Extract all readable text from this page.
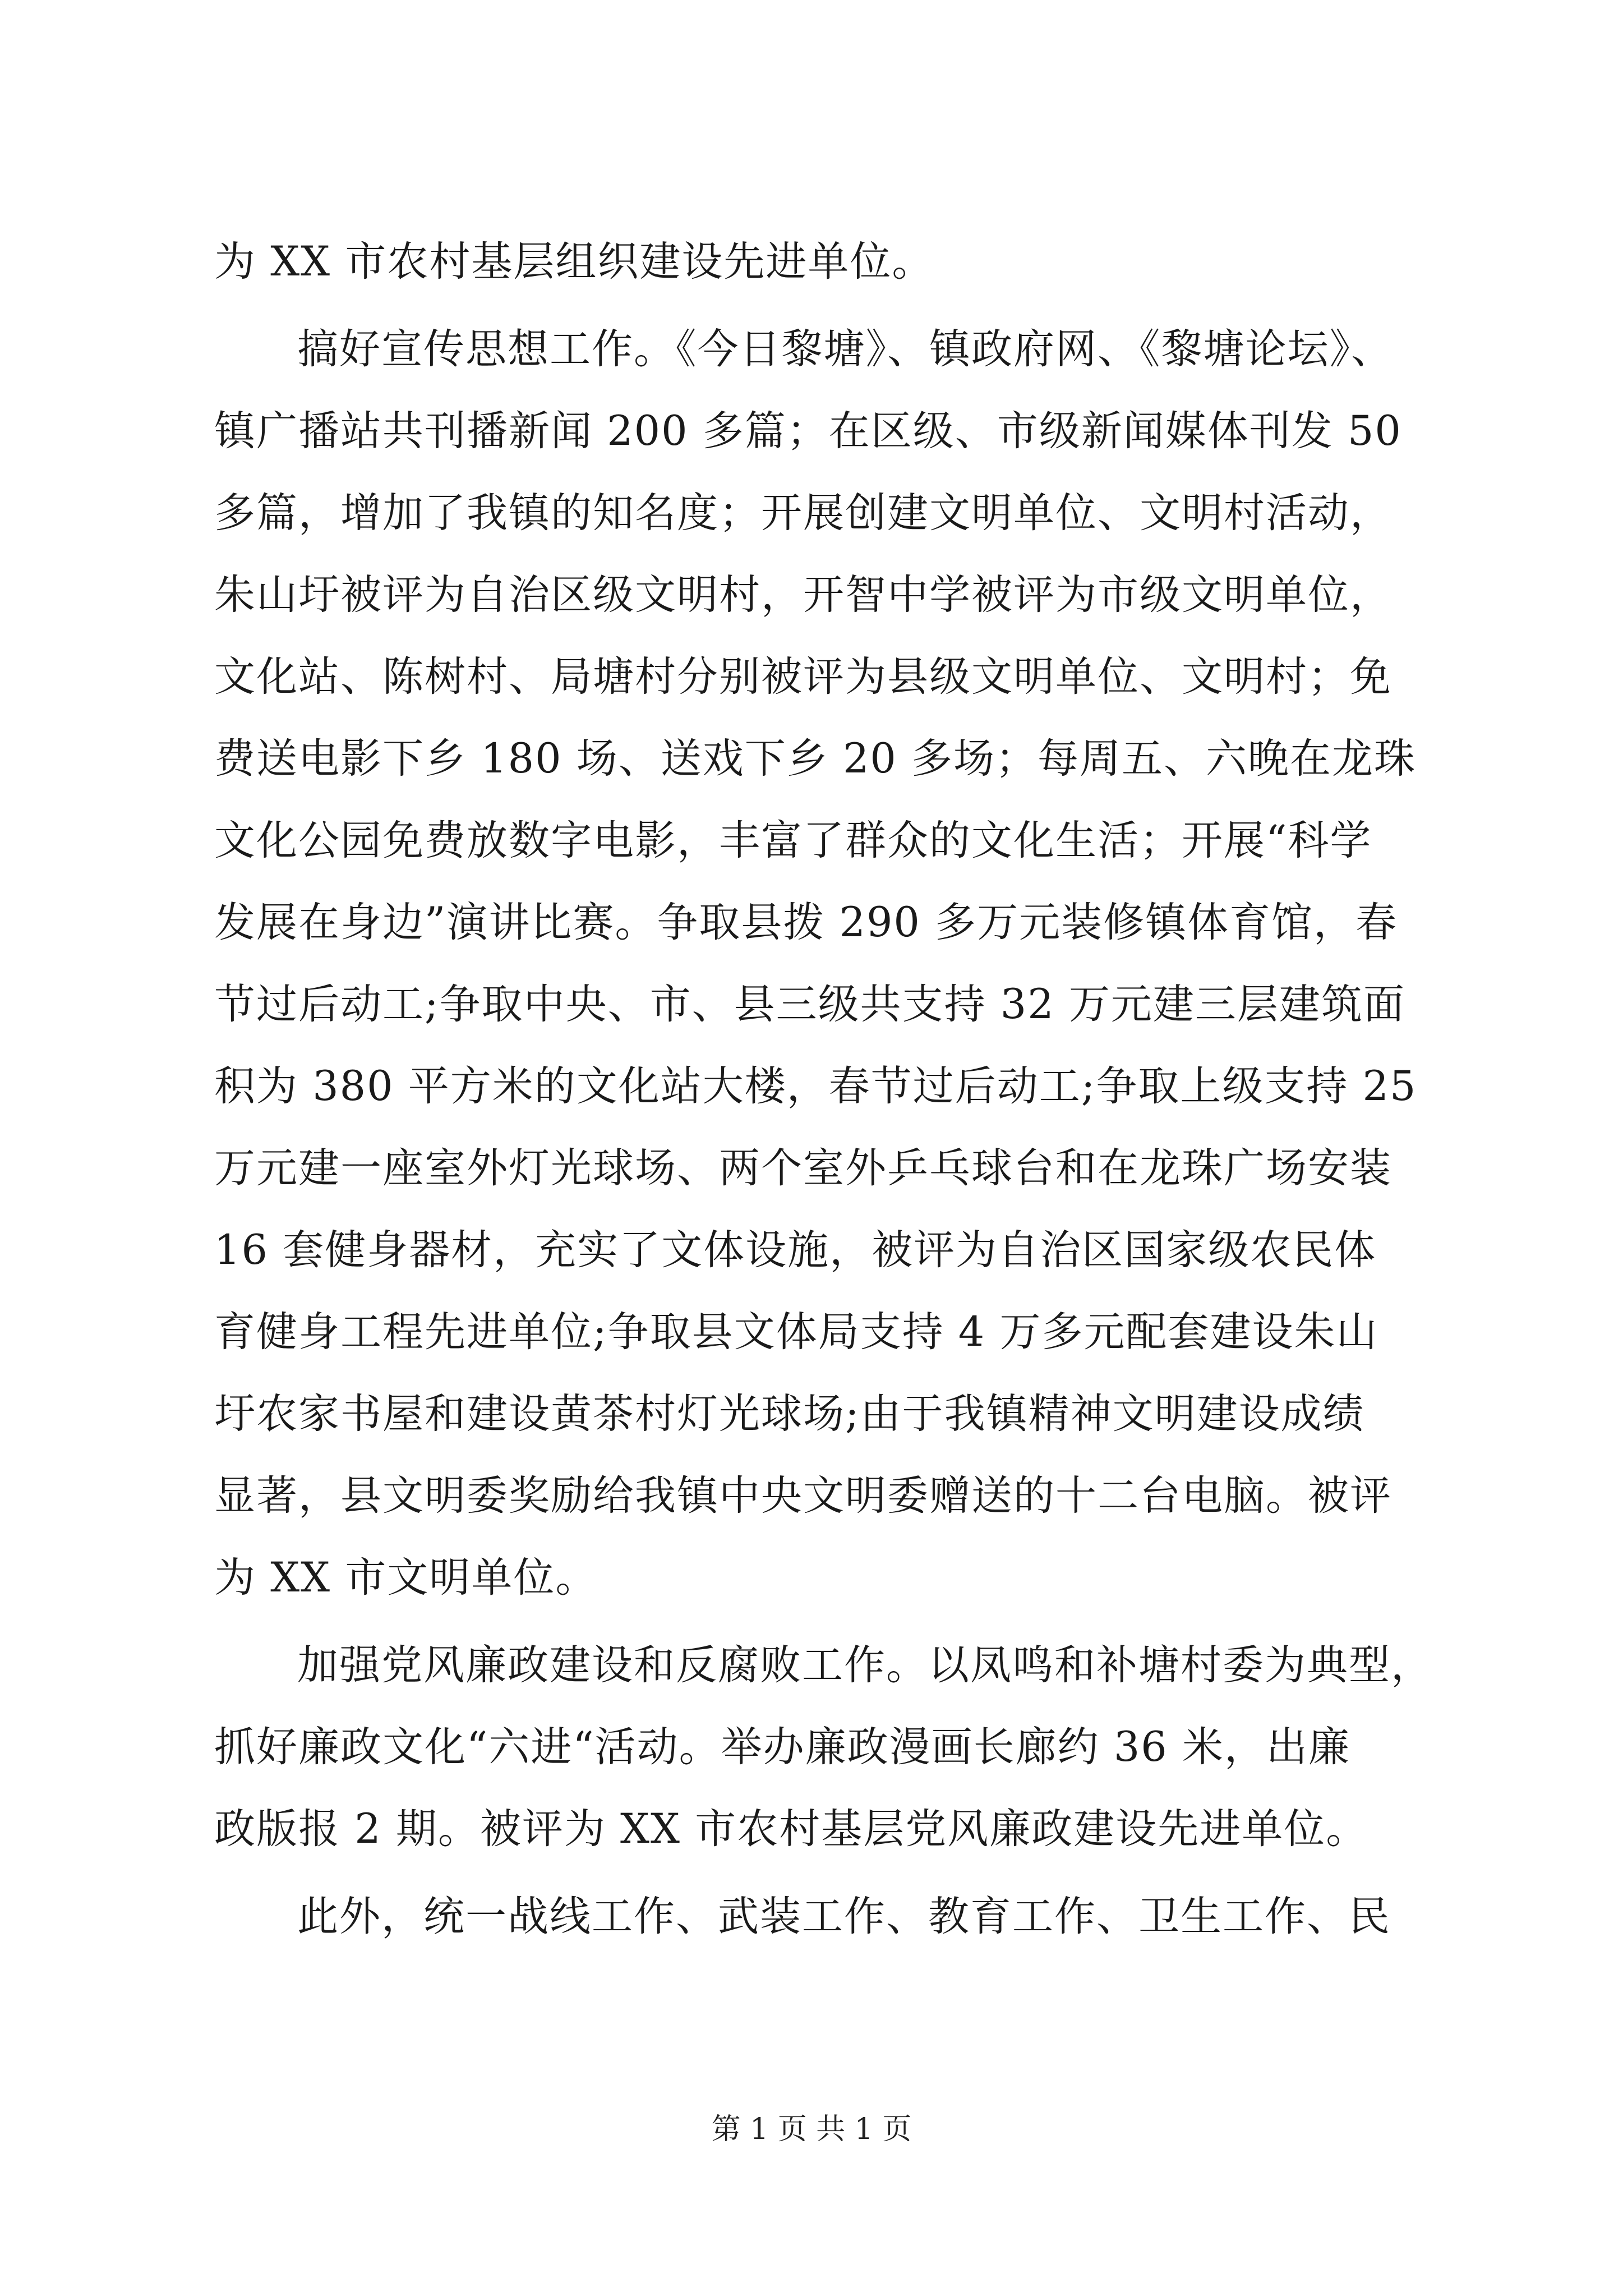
为 XX 市农村基层组织建设先进单位。
搞好宣传思想工作。《今日黎塘》、镇政府网、《黎塘论坛》、
镇广播站共刊播新闻 200 多篇；在区级、市级新闻媒体刊发 50
多篇，增加了我镇的知名度；开展创建文明单位、文明村活动，
朱山圩被评为自治区级文明村，开智中学被评为市级文明单位，
文化站、陈树村、局塘村分别被评为县级文明单位、文明村；免
费送电影下乡 180 场、送戏下乡 20 多场；每周五、六晚在龙珠
文化公园免费放数字电影，丰富了群众的文化生活；开展“科学
发展在身边”演讲比赛。争取县拨 290 多万元装修镇体育馆，春
节过后动工;争取中央、市、县三级共支持 32 万元建三层建筑面
积为 380 平方米的文化站大楼，春节过后动工;争取上级支持 25
万元建一座室外灯光球场、两个室外乒乓球台和在龙珠广场安装
16 套健身器材，充实了文体设施，被评为自治区国家级农民体
育健身工程先进单位;争取县文体局支持 4 万多元配套建设朱山
圩农家书屋和建设黄茶村灯光球场;由于我镇精神文明建设成绩
显著，县文明委奖励给我镇中央文明委赠送的十二台电脑。被评
为 XX 市文明单位。
加强党风廉政建设和反腐败工作。以凤鸣和补塘村委为典型，
抓好廉政文化“六进“活动。举办廉政漫画长廊约 36 米，出廉
政版报 2 期。被评为 XX 市农村基层党风廉政建设先进单位。
此外，统一战线工作、武装工作、教育工作、卫生工作、民
第 1 页 共 1 页
